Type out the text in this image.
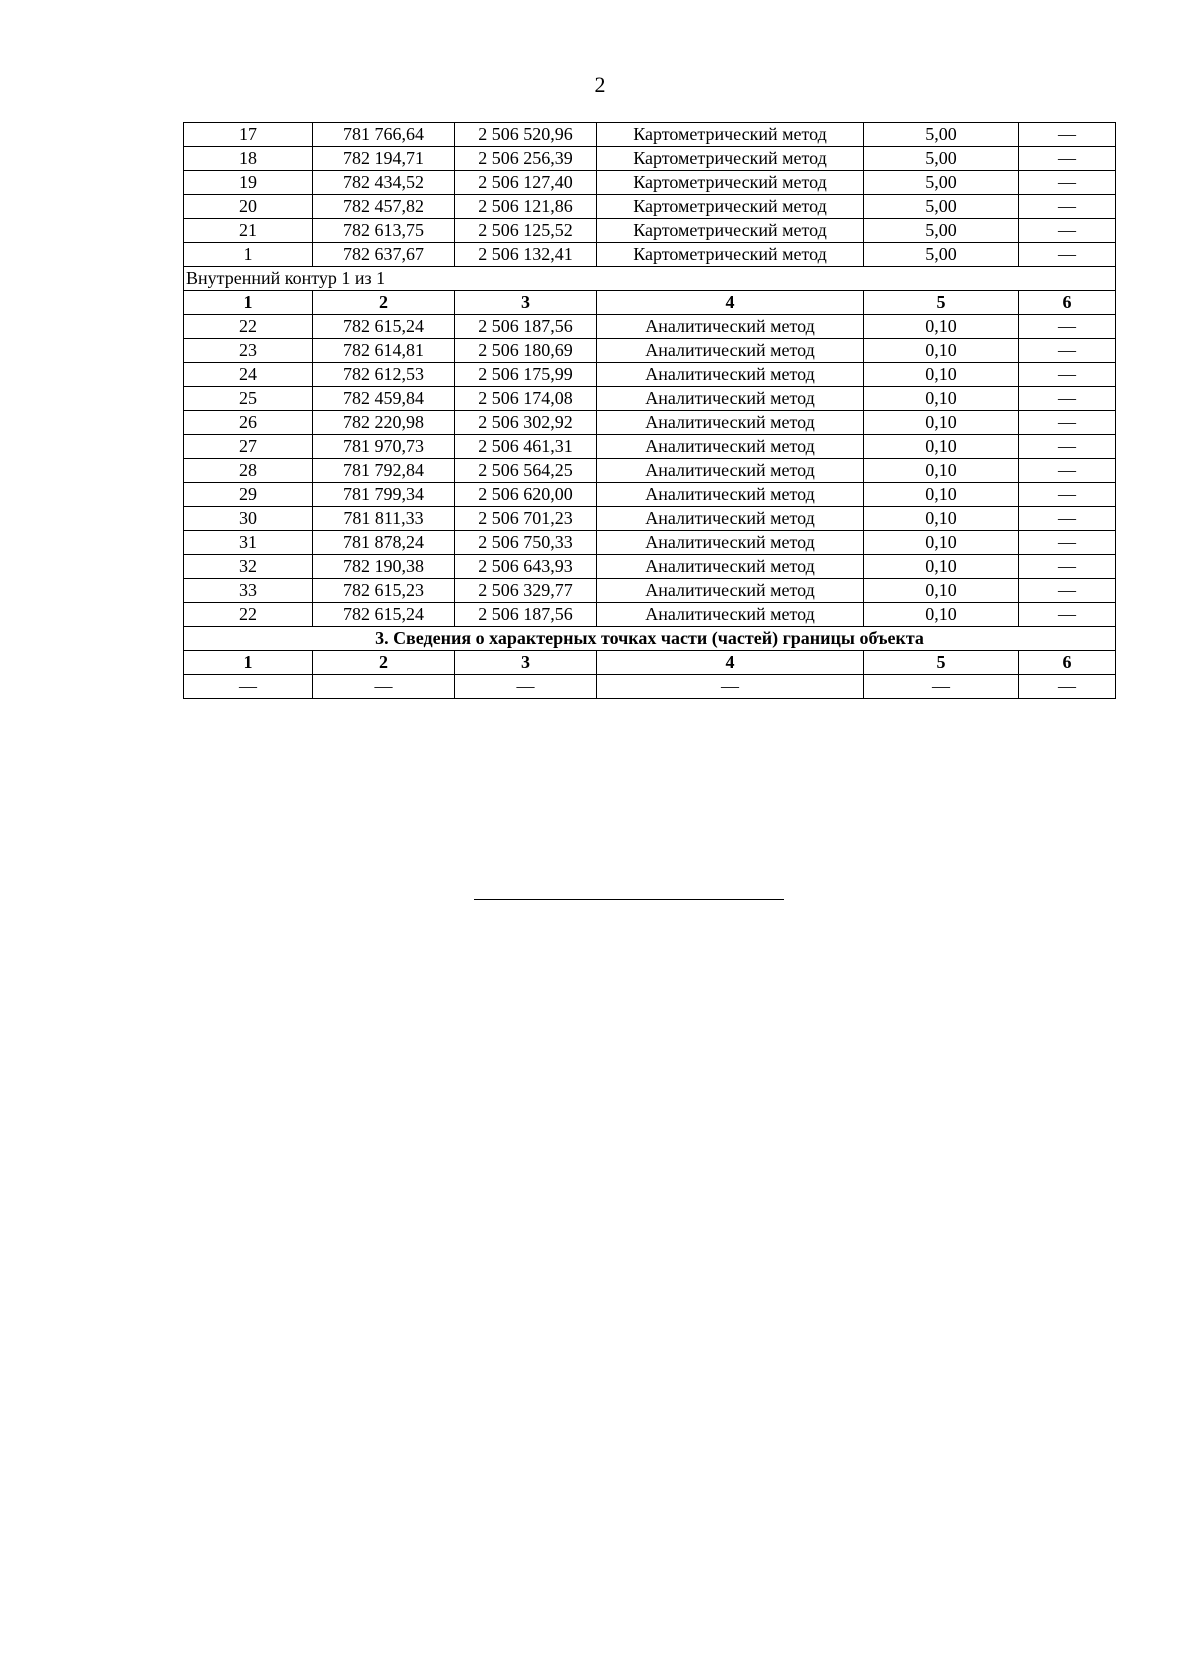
2
17	781 766,64	2 506 520,96	Картометрический метод	5,00	—
18	782 194,71	2 506 256,39	Картометрический метод	5,00	—
19	782 434,52	2 506 127,40	Картометрический метод	5,00	—
20	782 457,82	2 506 121,86	Картометрический метод	5,00	—
21	782 613,75	2 506 125,52	Картометрический метод	5,00	—
1	782 637,67	2 506 132,41	Картометрический метод	5,00	—
Внутренний контур 1 из 1					
1	2	3	4	5	6
22	782 615,24	2 506 187,56	Аналитический метод	0,10	—
23	782 614,81	2 506 180,69	Аналитический метод	0,10	—
24	782 612,53	2 506 175,99	Аналитический метод	0,10	—
25	782 459,84	2 506 174,08	Аналитический метод	0,10	—
26	782 220,98	2 506 302,92	Аналитический метод	0,10	—
27	781 970,73	2 506 461,31	Аналитический метод	0,10	—
28	781 792,84	2 506 564,25	Аналитический метод	0,10	—
29	781 799,34	2 506 620,00	Аналитический метод	0,10	—
30	781 811,33	2 506 701,23	Аналитический метод	0,10	—
31	781 878,24	2 506 750,33	Аналитический метод	0,10	—
32	782 190,38	2 506 643,93	Аналитический метод	0,10	—
33	782 615,23	2 506 329,77	Аналитический метод	0,10	—
22	782 615,24	2 506 187,56	Аналитический метод	0,10	—
3. Сведения о характерных точках части (частей) границы объекта					
1	2	3	4	5	6
—	—	—	—	—	—
